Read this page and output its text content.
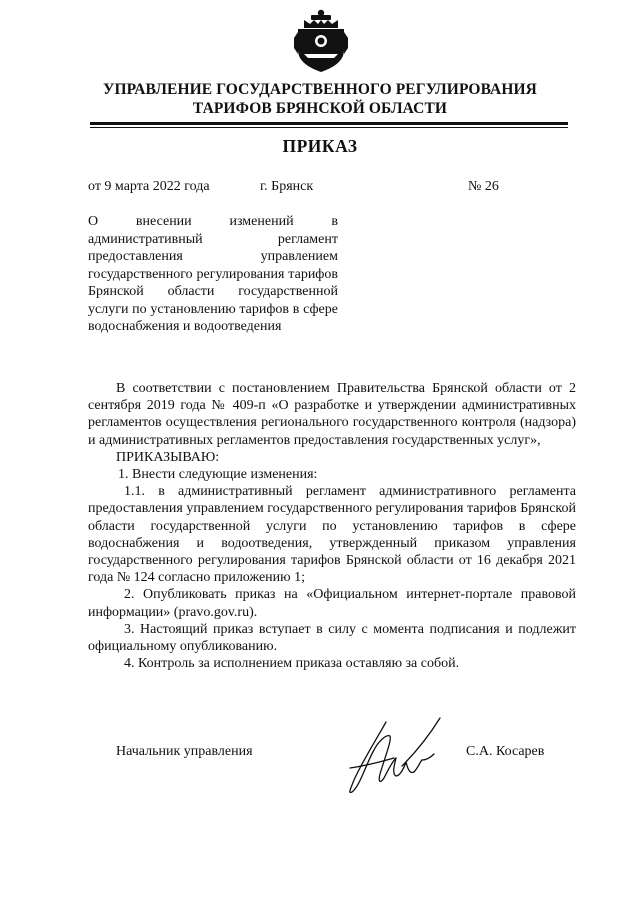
УПРАВЛЕНИЕ ГОСУДАРСТВЕННОГО РЕГУЛИРОВАНИЯ
ТАРИФОВ БРЯНСКОЙ ОБЛАСТИ
ПРИКАЗ
от 9 марта 2022 года	г. Брянск	№ 26
О внесении изменений в административный регламент предоставления управлением государственного регулирования тарифов Брянской области государственной услуги по установлению тарифов в сфере водоснабжения и водоотведения

В соответствии с постановлением Правительства Брянской области от 2 сентября 2019 года № 409-п «О разработке и утверждении административных регламентов осуществления регионального государственного контроля (надзора) и административных регламентов предоставления государственных услуг»,

ПРИКАЗЫВАЮ:

1. Внести следующие изменения:

1.1. в административный регламент административного регламента предоставления управлением государственного регулирования тарифов Брянской области государственной услуги по установлению тарифов в сфере водоснабжения и водоотведения, утвержденный приказом управления государственного регулирования тарифов Брянской области от 16 декабря 2021 года № 124 согласно приложению 1;

2. Опубликовать приказ на «Официальном интернет-портале правовой информации» (pravo.gov.ru).

3. Настоящий приказ вступает в силу с момента подписания и подлежит официальному опубликованию.

4. Контроль за исполнением приказа оставляю за собой.

Начальник управления	С.А. Косарев
